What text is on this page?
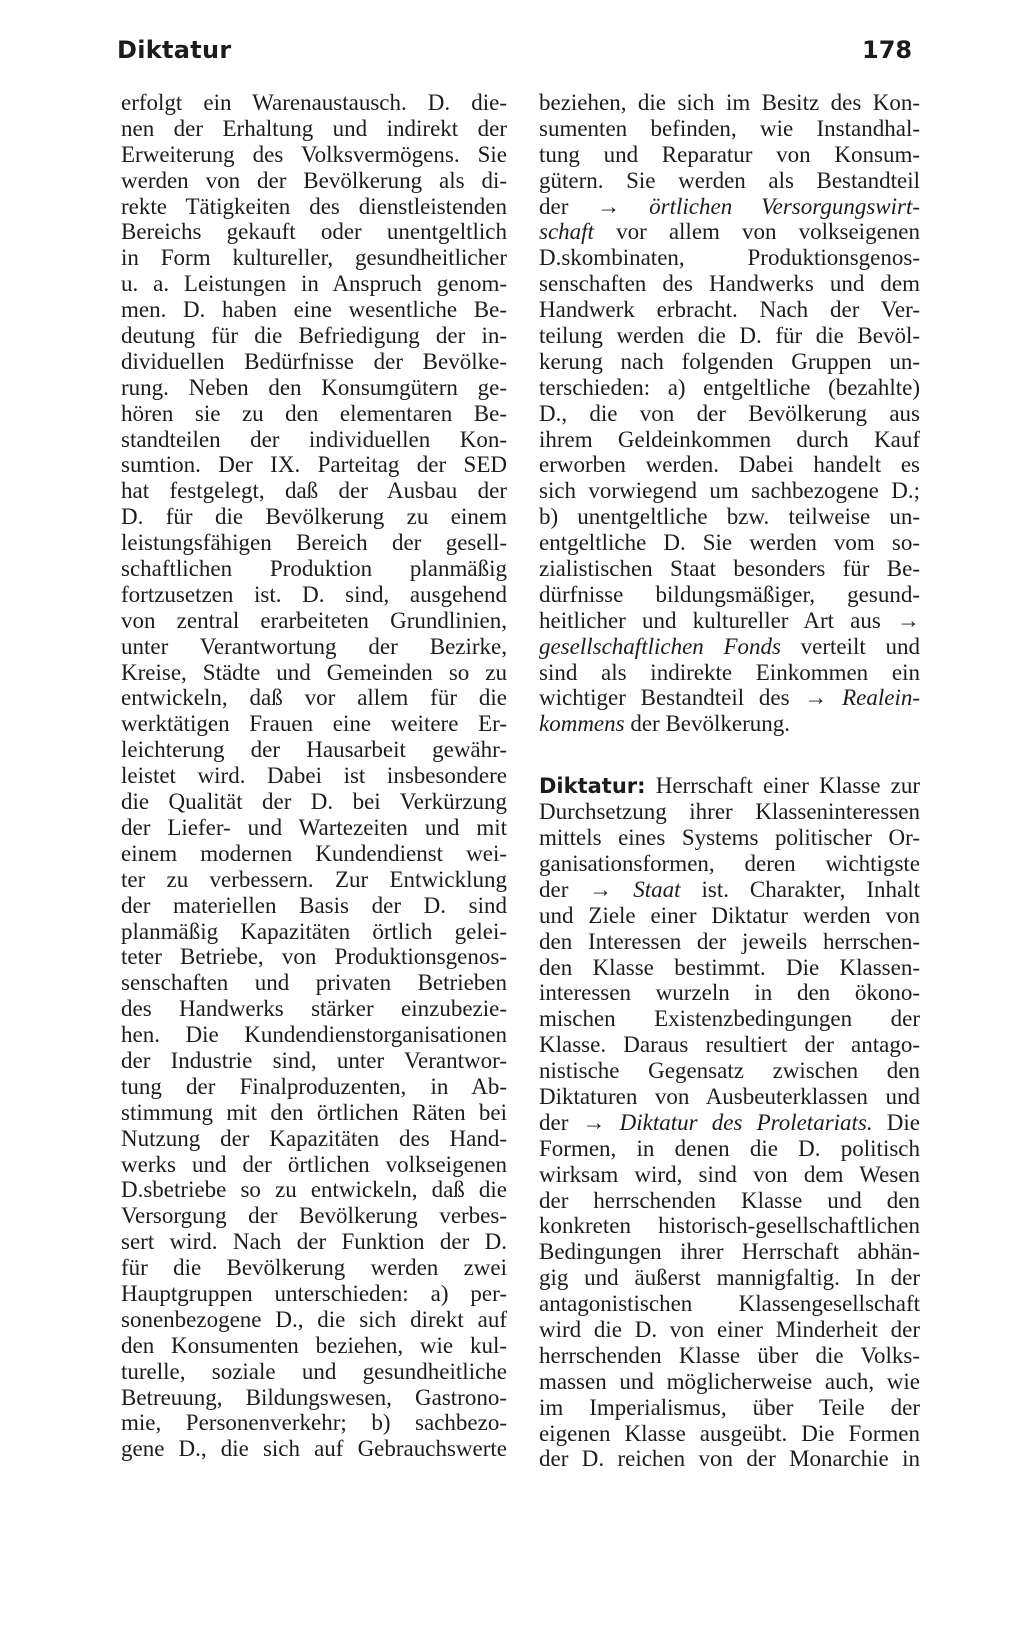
Diktatur	178
erfolgt ein Warenaustausch. D. die-
nen der Erhaltung und indirekt der
Erweiterung des Volksvermögens. Sie
werden von der Bevölkerung als di-
rekte Tätigkeiten des dienstleistenden
Bereichs gekauft oder unentgeltlich
in Form kultureller, gesundheitlicher
u. a. Leistungen in Anspruch genom-
men. D. haben eine wesentliche Be-
deutung für die Befriedigung der in-
dividuellen Bedürfnisse der Bevölke-
rung. Neben den Konsumgütern ge-
hören sie zu den elementaren Be-
standteilen der individuellen Kon-
sumtion. Der IX. Parteitag der SED
hat festgelegt, daß der Ausbau der
D. für die Bevölkerung zu einem
leistungsfähigen Bereich der gesell-
schaftlichen Produktion planmäßig
fortzusetzen ist. D. sind, ausgehend
von zentral erarbeiteten Grundlinien,
unter Verantwortung der Bezirke,
Kreise, Städte und Gemeinden so zu
entwickeln, daß vor allem für die
werktätigen Frauen eine weitere Er-
leichterung der Hausarbeit gewähr-
leistet wird. Dabei ist insbesondere
die Qualität der D. bei Verkürzung
der Liefer- und Wartezeiten und mit
einem modernen Kundendienst wei-
ter zu verbessern. Zur Entwicklung
der materiellen Basis der D. sind
planmäßig Kapazitäten örtlich gelei-
teter Betriebe, von Produktionsgenos-
senschaften und privaten Betrieben
des Handwerks stärker einzubezie-
hen. Die Kundendienstorganisationen
der Industrie sind, unter Verantwor-
tung der Finalproduzenten, in Ab-
stimmung mit den örtlichen Räten bei
Nutzung der Kapazitäten des Hand-
werks und der örtlichen volkseigenen
D.sbetriebe so zu entwickeln, daß die
Versorgung der Bevölkerung verbes-
sert wird. Nach der Funktion der D.
für die Bevölkerung werden zwei
Hauptgruppen unterschieden: a) per-
sonenbezogene D., die sich direkt auf
den Konsumenten beziehen, wie kul-
turelle, soziale und gesundheitliche
Betreuung, Bildungswesen, Gastrono-
mie, Personenverkehr; b) sachbezo-
gene D., die sich auf Gebrauchswerte
beziehen, die sich im Besitz des Kon-
sumenten befinden, wie Instandhal-
tung und Reparatur von Konsum-
gütern. Sie werden als Bestandteil
der → örtlichen Versorgungswirt-
schaft vor allem von volkseigenen
D.skombinaten, Produktionsgenos-
senschaften des Handwerks und dem
Handwerk erbracht. Nach der Ver-
teilung werden die D. für die Bevöl-
kerung nach folgenden Gruppen un-
terschieden: a) entgeltliche (bezahlte)
D., die von der Bevölkerung aus
ihrem Geldeinkommen durch Kauf
erworben werden. Dabei handelt es
sich vorwiegend um sachbezogene D.;
b) unentgeltliche bzw. teilweise un-
entgeltliche D. Sie werden vom so-
zialistischen Staat besonders für Be-
dürfnisse bildungsmäßiger, gesund-
heitlicher und kultureller Art aus →
gesellschaftlichen Fonds verteilt und
sind als indirekte Einkommen ein
wichtiger Bestandteil des → Realein-
kommens der Bevölkerung.
Diktatur: Herrschaft einer Klasse zur
Durchsetzung ihrer Klasseninteressen
mittels eines Systems politischer Or-
ganisationsformen, deren wichtigste
der → Staat ist. Charakter, Inhalt
und Ziele einer Diktatur werden von
den Interessen der jeweils herrschen-
den Klasse bestimmt. Die Klassen-
interessen wurzeln in den ökono-
mischen Existenzbedingungen der
Klasse. Daraus resultiert der antago-
nistische Gegensatz zwischen den
Diktaturen von Ausbeuterklassen und
der → Diktatur des Proletariats. Die
Formen, in denen die D. politisch
wirksam wird, sind von dem Wesen
der herrschenden Klasse und den
konkreten historisch-gesellschaftlichen
Bedingungen ihrer Herrschaft abhän-
gig und äußerst mannigfaltig. In der
antagonistischen Klassengesellschaft
wird die D. von einer Minderheit der
herrschenden Klasse über die Volks-
massen und möglicherweise auch, wie
im Imperialismus, über Teile der
eigenen Klasse ausgeübt. Die Formen
der D. reichen von der Monarchie in
